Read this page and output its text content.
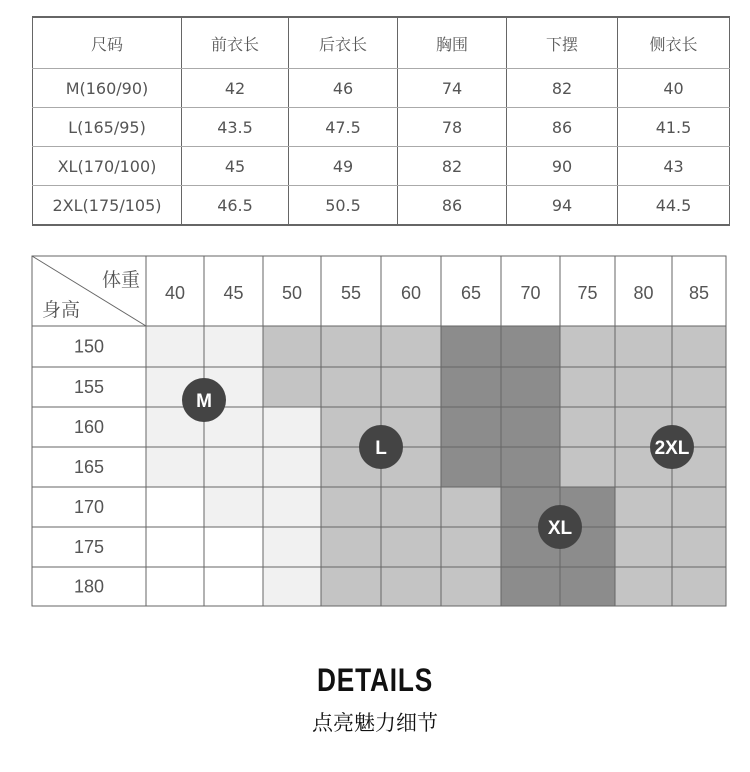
尺码	前衣长	后衣长	胸围	下摆	侧衣长
M(160/90)	42	46	74	82	40
L(165/95)	43.5	47.5	78	86	41.5
XL(170/100)	45	49	82	90	43
2XL(175/105)	46.5	50.5	86	94	44.5
体重
身高
40 45 50 55 60 65 70 75 80 85
150
155
160
165
170
175
180
M
L
XL
2XL
DETAILS
点亮魅力细节
